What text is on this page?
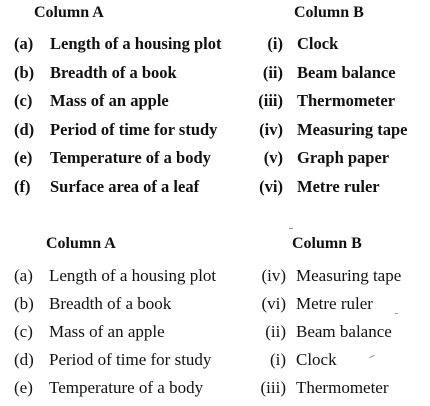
Column A	Column B
(a) Length of a housing plot	(i) Clock
(b) Breadth of a book	(ii) Beam balance
(c) Mass of an apple	(iii) Thermometer
(d) Period of time for study	(iv) Measuring tape
(e) Temperature of a body	(v) Graph paper
(f) Surface area of a leaf	(vi) Metre ruler
Column A	Column B
(a) Length of a housing plot	(iv) Measuring tape
(b) Breadth of a book	(vi) Metre ruler
(c) Mass of an apple	(ii) Beam balance
(d) Period of time for study	(i) Clock
(e) Temperature of a body	(iii) Thermometer
